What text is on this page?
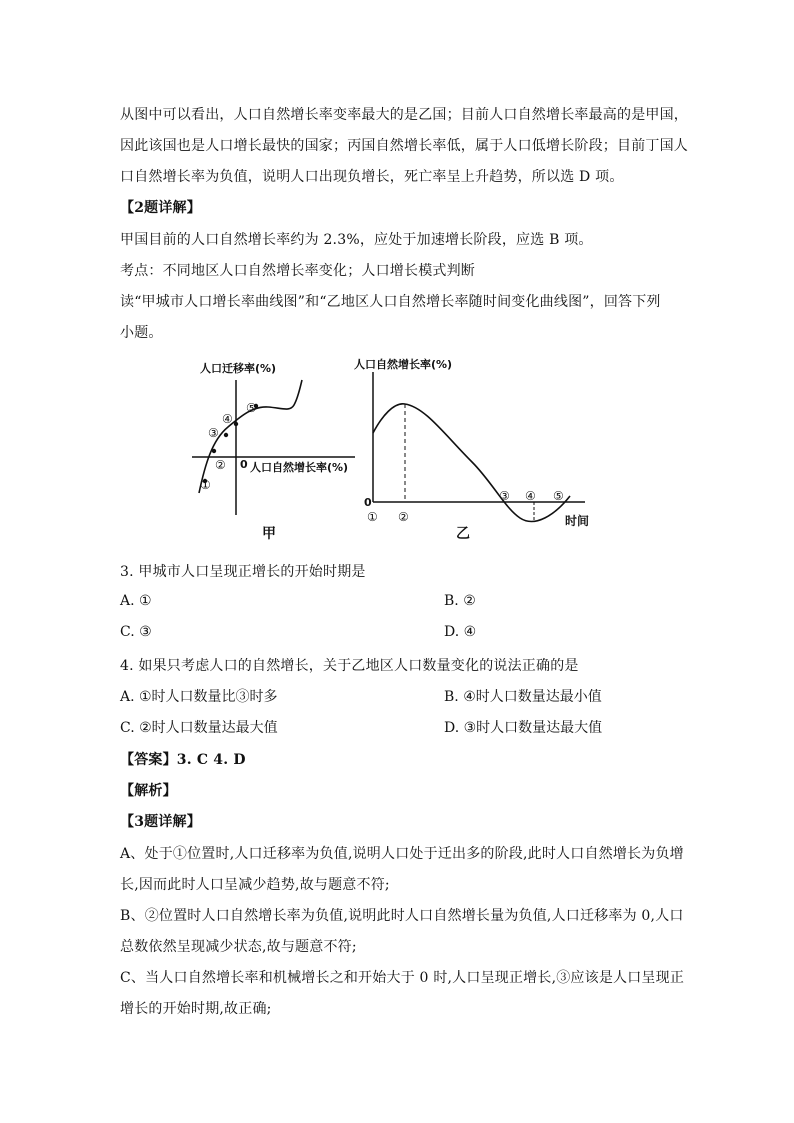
从图中可以看出，人口自然增长率变率最大的是乙国；目前人口自然增长率最高的是甲国，
因此该国也是人口增长最快的国家；丙国自然增长率低，属于人口低增长阶段；目前丁国人
口自然增长率为负值，说明人口出现负增长，死亡率呈上升趋势，所以选 D 项。
【2题详解】
甲国目前的人口自然增长率约为 2.3%，应处于加速增长阶段，应选 B 项。
考点：不同地区人口自然增长率变化；人口增长模式判断
读“甲城市人口增长率曲线图”和“乙地区人口自然增长率随时间变化曲线图”，回答下列
小题。
人口迁移率(%)
0 人口自然增长率(%)
①
②
③
④
⑤
甲
人口自然增长率(%)
0
① ②
③ ④ ⑤
时间
乙
3. 甲城市人口呈现正增长的开始时期是
A. ①	B. ②
C. ③	D. ④
4. 如果只考虑人口的自然增长，关于乙地区人口数量变化的说法正确的是
A. ①时人口数量比③时多	B. ④时人口数量达最小值
C. ②时人口数量达最大值	D. ③时人口数量达最大值
【答案】3. C 4. D
【解析】
【3题详解】
A、处于①位置时,人口迁移率为负值,说明人口处于迁出多的阶段,此时人口自然增长为负增
长,因而此时人口呈减少趋势,故与题意不符;
B、②位置时人口自然增长率为负值,说明此时人口自然增长量为负值,人口迁移率为 0,人口
总数依然呈现减少状态,故与题意不符;
C、当人口自然增长率和机械增长之和开始大于 0 时,人口呈现正增长,③应该是人口呈现正
增长的开始时期,故正确;
